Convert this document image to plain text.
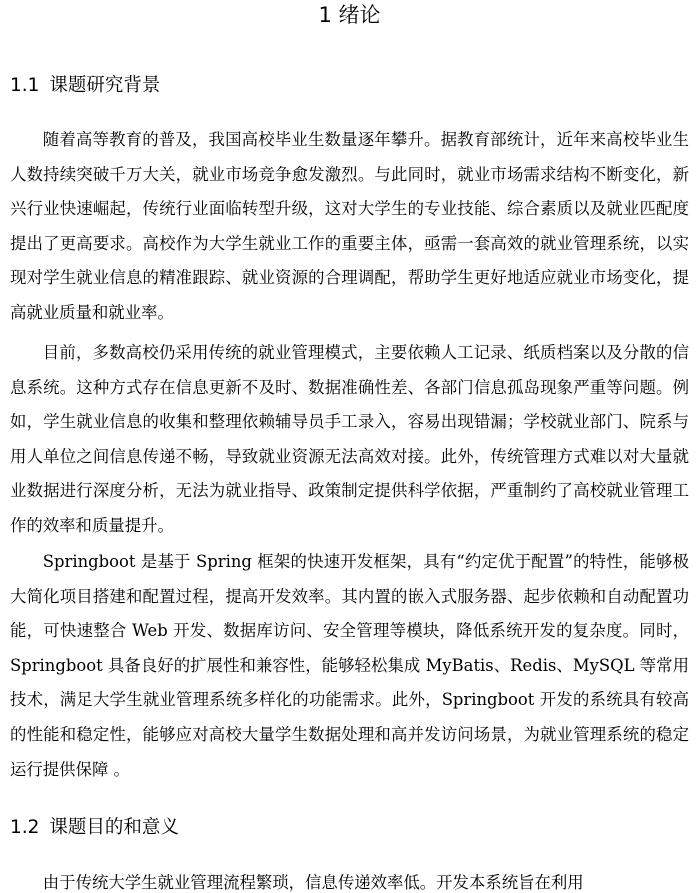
1 绪论
1.1 课题研究背景

随着高等教育的普及，我国高校毕业生数量逐年攀升。据教育部统计，近年来高校毕业生人数持续突破千万大关，就业市场竞争愈发激烈。与此同时，就业市场需求结构不断变化，新兴行业快速崛起，传统行业面临转型升级，这对大学生的专业技能、综合素质以及就业匹配度提出了更高要求。高校作为大学生就业工作的重要主体，亟需一套高效的就业管理系统，以实现对学生就业信息的精准跟踪、就业资源的合理调配，帮助学生更好地适应就业市场变化，提高就业质量和就业率。

目前，多数高校仍采用传统的就业管理模式，主要依赖人工记录、纸质档案以及分散的信息系统。这种方式存在信息更新不及时、数据准确性差、各部门信息孤岛现象严重等问题。例如，学生就业信息的收集和整理依赖辅导员手工录入，容易出现错漏；学校就业部门、院系与用人单位之间信息传递不畅，导致就业资源无法高效对接。此外，传统管理方式难以对大量就业数据进行深度分析，无法为就业指导、政策制定提供科学依据，严重制约了高校就业管理工作的效率和质量提升。

Springboot 是基于 Spring 框架的快速开发框架，具有“约定优于配置”的特性，能够极大简化项目搭建和配置过程，提高开发效率。其内置的嵌入式服务器、起步依赖和自动配置功能，可快速整合 Web 开发、数据库访问、安全管理等模块，降低系统开发的复杂度。同时，Springboot 具备良好的扩展性和兼容性，能够轻松集成 MyBatis、Redis、MySQL 等常用技术，满足大学生就业管理系统多样化的功能需求。此外，Springboot 开发的系统具有较高的性能和稳定性，能够应对高校大量学生数据处理和高并发访问场景，为就业管理系统的稳定运行提供保障 。

1.2 课题目的和意义

由于传统大学生就业管理流程繁琐，信息传递效率低。开发本系统旨在利用
